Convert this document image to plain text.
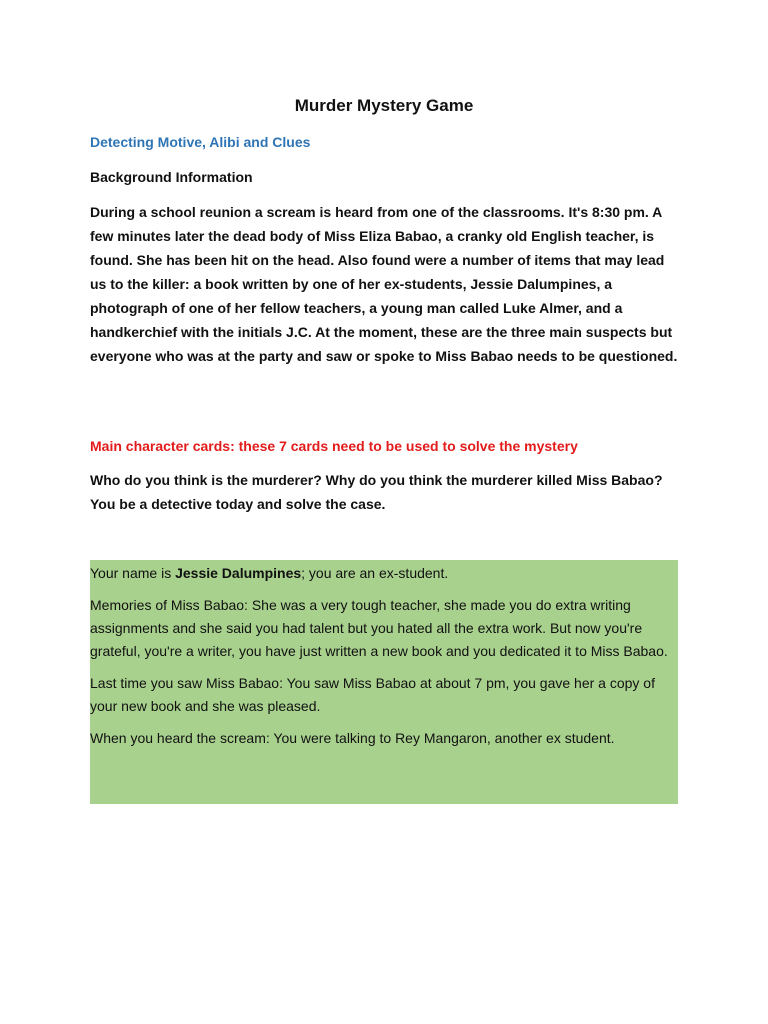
Murder Mystery Game
Detecting Motive, Alibi and Clues
Background Information

During a school reunion a scream is heard from one of the classrooms. It's 8:30 pm. A few minutes later the dead body of Miss Eliza Babao, a cranky old English teacher, is found. She has been hit on the head. Also found were a number of items that may lead us to the killer: a book written by one of her ex-students, Jessie Dalumpines, a photograph of one of her fellow teachers, a young man called Luke Almer, and a handkerchief with the initials J.C. At the moment, these are the three main suspects but everyone who was at the party and saw or spoke to Miss Babao needs to be questioned.

Main character cards: these 7 cards need to be used to solve the mystery

Who do you think is the murderer? Why do you think the murderer killed Miss Babao? You be a detective today and solve the case.

Your name is Jessie Dalumpines; you are an ex-student.

Memories of Miss Babao: She was a very tough teacher, she made you do extra writing assignments and she said you had talent but you hated all the extra work. But now you're grateful, you're a writer, you have just written a new book and you dedicated it to Miss Babao.

Last time you saw Miss Babao: You saw Miss Babao at about 7 pm, you gave her a copy of your new book and she was pleased.

When you heard the scream: You were talking to Rey Mangaron, another ex student.
